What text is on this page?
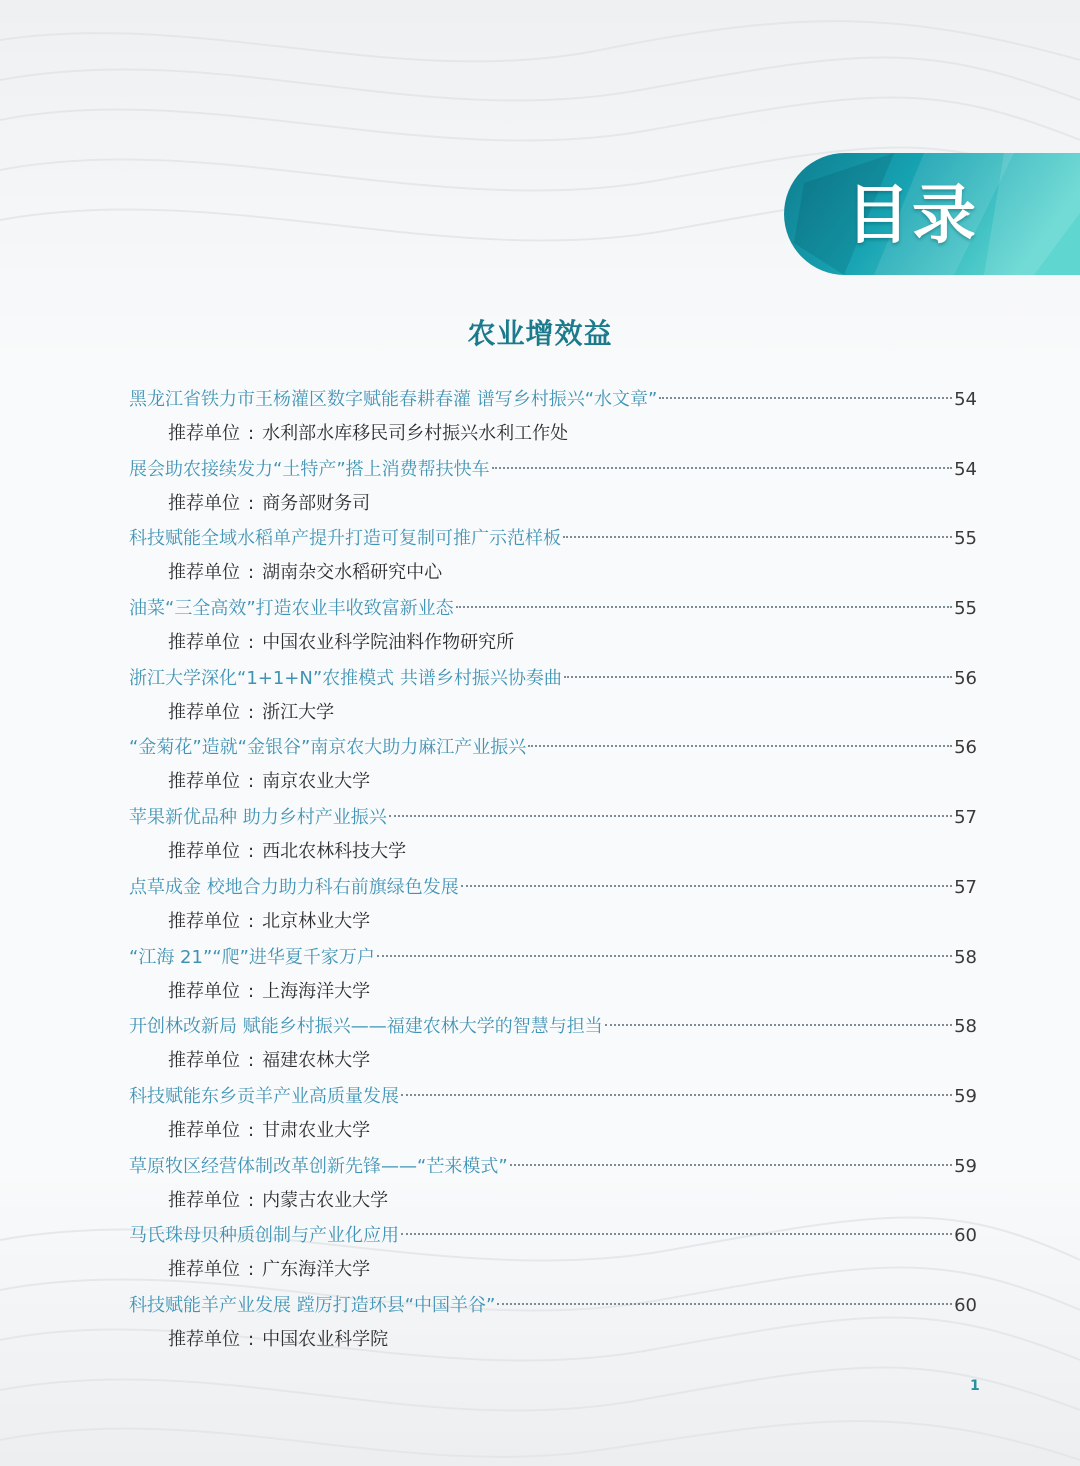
目录
农业增效益
黑龙江省铁力市王杨灌区数字赋能春耕春灌 谱写乡村振兴“水文章”	54
推荐单位 : 水利部水库移民司乡村振兴水利工作处
展会助农接续发力“土特产”搭上消费帮扶快车	54
推荐单位 : 商务部财务司
科技赋能全域水稻单产提升打造可复制可推广示范样板	55
推荐单位 : 湖南杂交水稻研究中心
油菜“三全高效”打造农业丰收致富新业态	55
推荐单位 : 中国农业科学院油料作物研究所
浙江大学深化“1+1+N”农推模式 共谱乡村振兴协奏曲	56
推荐单位 : 浙江大学
“金菊花”造就“金银谷”南京农大助力麻江产业振兴	56
推荐单位 : 南京农业大学
苹果新优品种 助力乡村产业振兴	57
推荐单位 : 西北农林科技大学
点草成金 校地合力助力科右前旗绿色发展	57
推荐单位 : 北京林业大学
“江海 21”“爬”进华夏千家万户	58
推荐单位 : 上海海洋大学
开创林改新局 赋能乡村振兴——福建农林大学的智慧与担当	58
推荐单位 : 福建农林大学
科技赋能东乡贡羊产业高质量发展	59
推荐单位 : 甘肃农业大学
草原牧区经营体制改革创新先锋——“芒来模式”	59
推荐单位 : 内蒙古农业大学
马氏珠母贝种质创制与产业化应用	60
推荐单位 : 广东海洋大学
科技赋能羊产业发展 蹚厉打造环县“中国羊谷”	60
推荐单位 : 中国农业科学院
1
